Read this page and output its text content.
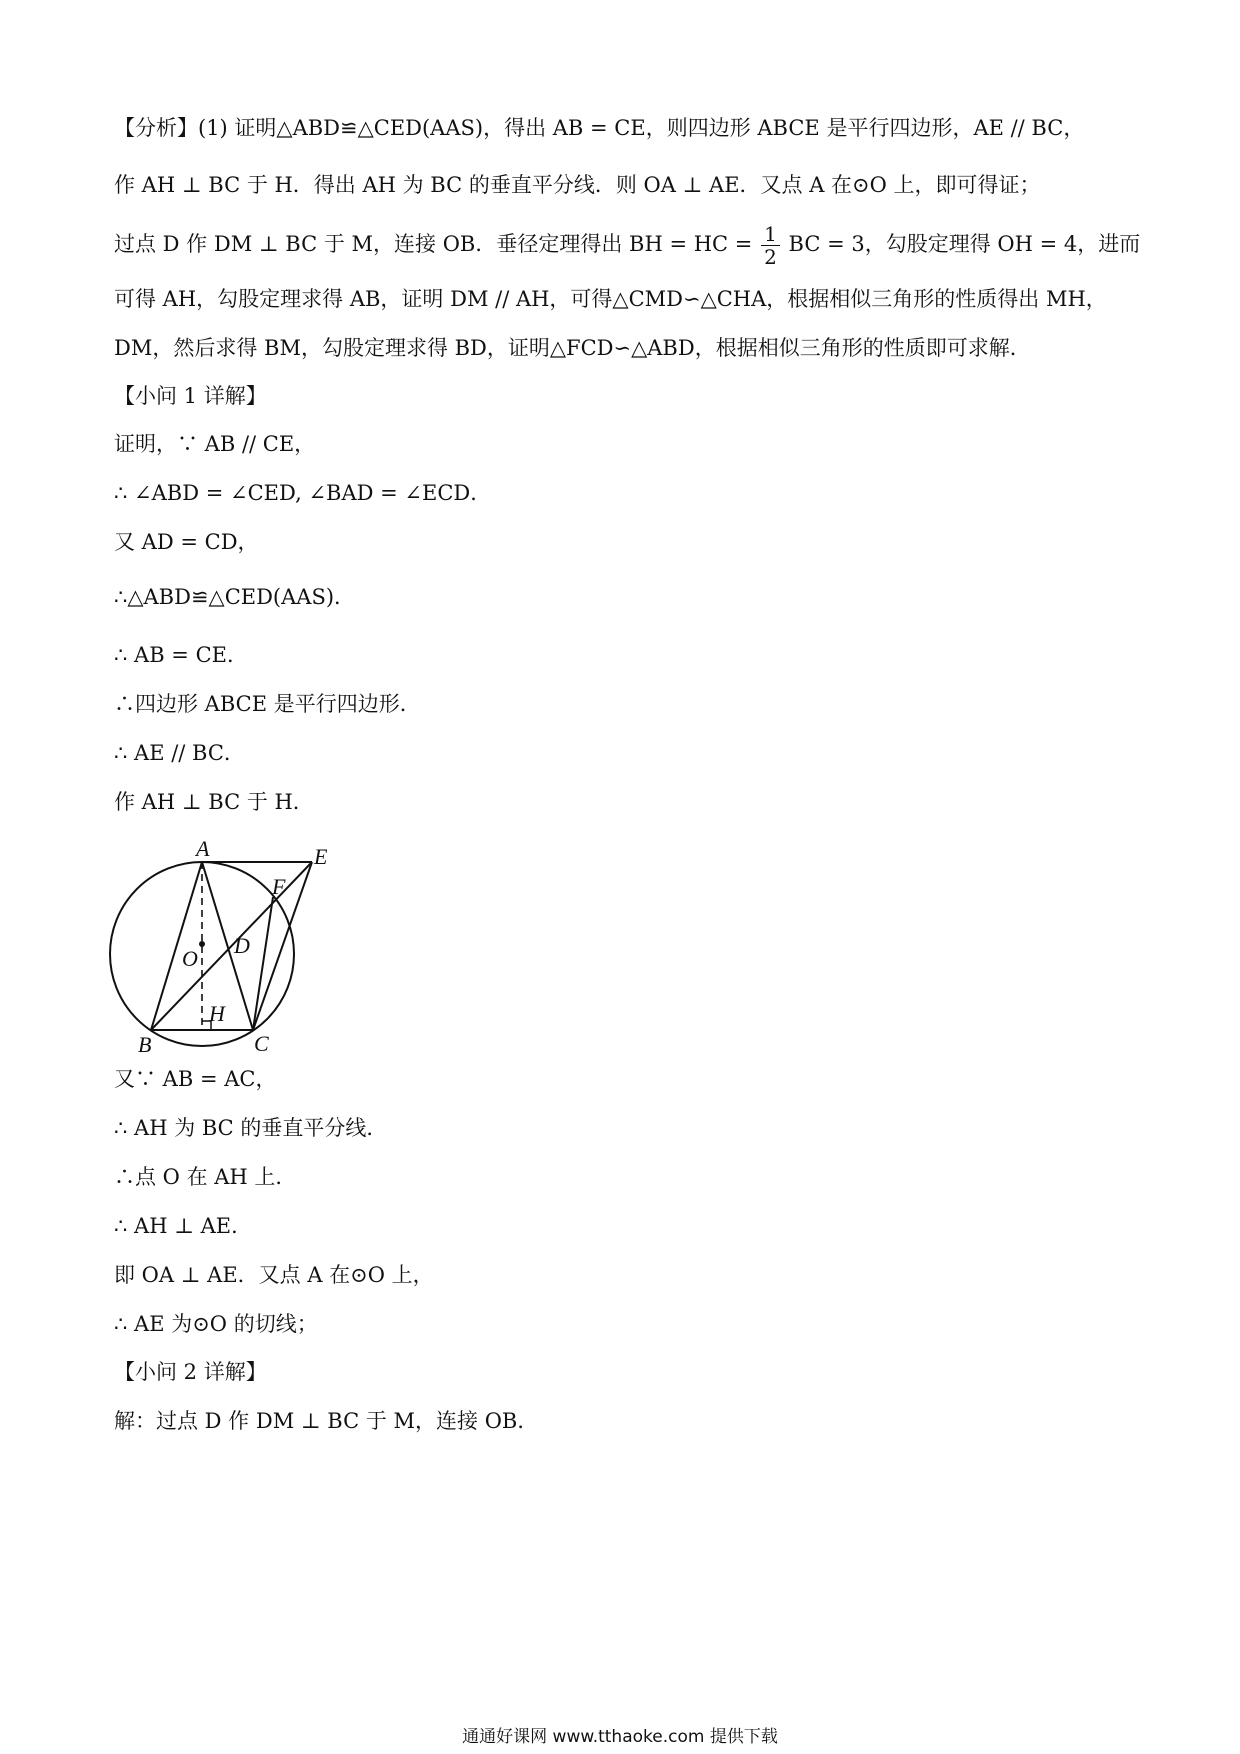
【分析】(1) 证明△ABD≌△CED(AAS)，得出 AB = CE，则四边形 ABCE 是平行四边形，AE // BC，
作 AH ⊥ BC 于 H．得出 AH 为 BC 的垂直平分线．则 OA ⊥ AE．又点 A 在⊙O 上，即可得证；
过点 D 作 DM ⊥ BC 于 M，连接 OB．垂径定理得出 BH = HC = $\frac{1}{2}$ BC = 3，勾股定理得 OH = 4，进而
可得 AH，勾股定理求得 AB，证明 DM // AH，可得△CMD∽△CHA，根据相似三角形的性质得出 MH，
DM，然后求得 BM，勾股定理求得 BD，证明△FCD∽△ABD，根据相似三角形的性质即可求解．
【小问 1 详解】
证明，∵ AB // CE，
∴ ∠ABD = ∠CED, ∠BAD = ∠ECD．
又 AD = CD，
∴△ABD≌△CED(AAS)．
∴ AB = CE．
∴四边形 ABCE 是平行四边形．
∴ AE // BC．
作 AH ⊥ BC 于 H．
A	E
F
O
D
H
B	C
又∵ AB = AC，
∴ AH 为 BC 的垂直平分线．
∴点 O 在 AH 上．
∴ AH ⊥ AE．
即 OA ⊥ AE．又点 A 在⊙O 上，
∴ AE 为⊙O 的切线；
【小问 2 详解】
解：过点 D 作 DM ⊥ BC 于 M，连接 OB．
通通好课网 www.tthaoke.com 提供下载
